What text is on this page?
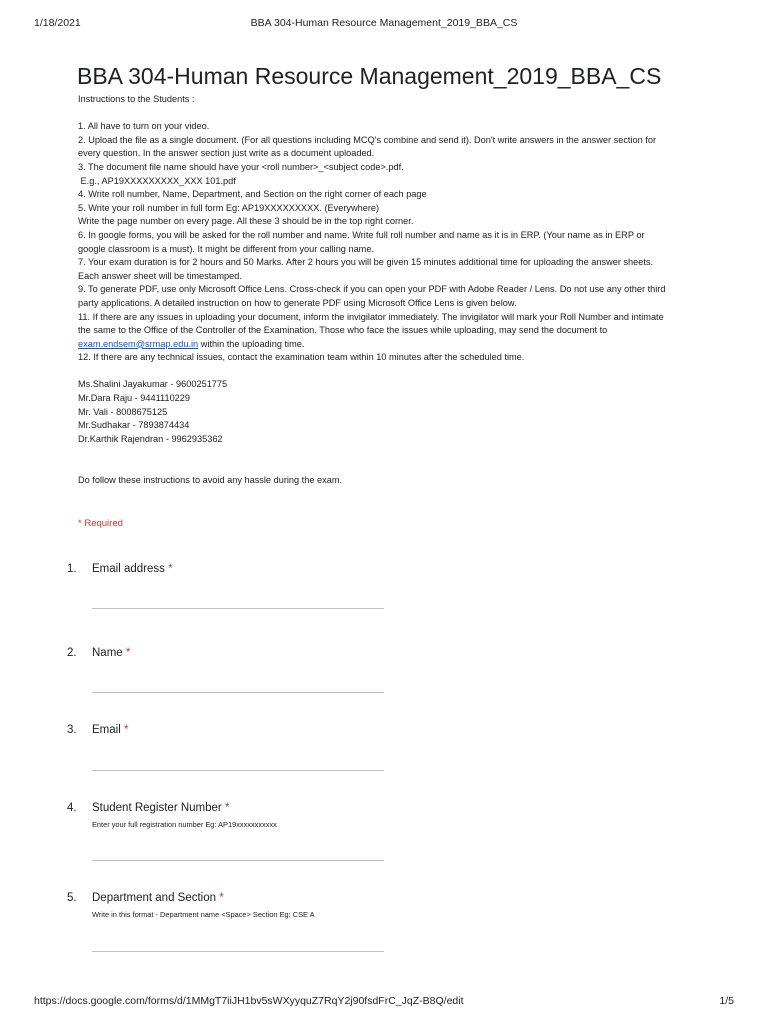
1/18/2021	BBA 304-Human Resource Management_2019_BBA_CS
BBA 304-Human Resource Management_2019_BBA_CS

Instructions to the Students :

1. All have to turn on your video.

2. Upload the file as a single document. (For all questions including MCQ's combine and send it). Don't write answers in the answer section for every question. In the answer section just write as a document uploaded.

3. The document file name should have your <roll number>_<subject code>.pdf.

E.g., AP19XXXXXXXXX_XXX 101.pdf

4. Write roll number, Name, Department, and Section on the right corner of each page

5. Write your roll number in full form Eg: AP19XXXXXXXXX. (Everywhere)

Write the page number on every page. All these 3 should be in the top right corner.

6. In google forms, you will be asked for the roll number and name. Write full roll number and name as it is in ERP. (Your name as in ERP or google classroom is a must). It might be different from your calling name.

7. Your exam duration is for 2 hours and 50 Marks. After 2 hours you will be given 15 minutes additional time for uploading the answer sheets. Each answer sheet will be timestamped.

9. To generate PDF, use only Microsoft Office Lens. Cross-check if you can open your PDF with Adobe Reader / Lens. Do not use any other third party applications. A detailed instruction on how to generate PDF using Microsoft Office Lens is given below.

11. If there are any issues in uploading your document, inform the invigilator immediately. The invigilator will mark your Roll Number and intimate the same to the Office of the Controller of the Examination. Those who face the issues while uploading, may send the document to exam.endsem@srmap.edu.in within the uploading time.

12. If there are any technical issues, contact the examination team within 10 minutes after the scheduled time.

Ms.Shalini Jayakumar - 9600251775

Mr.Dara Raju - 9441110229

Mr. Vali - 8008675125

Mr.Sudhakar - 7893874434

Dr.Karthik Rajendran - 9962935362

Do follow these instructions to avoid any hassle during the exam.

* Required
1. Email address *
2. Name *
3. Email *
4. Student Register Number *
Enter your full registration number Eg: AP19xxxxxxxxxxx
5. Department and Section *
Write in this format - Department name <Space> Section Eg: CSE A
https://docs.google.com/forms/d/1MMgT7iiJH1bv5sWXyyquZ7RqY2j90fsdFrC_JqZ-B8Q/edit	1/5
